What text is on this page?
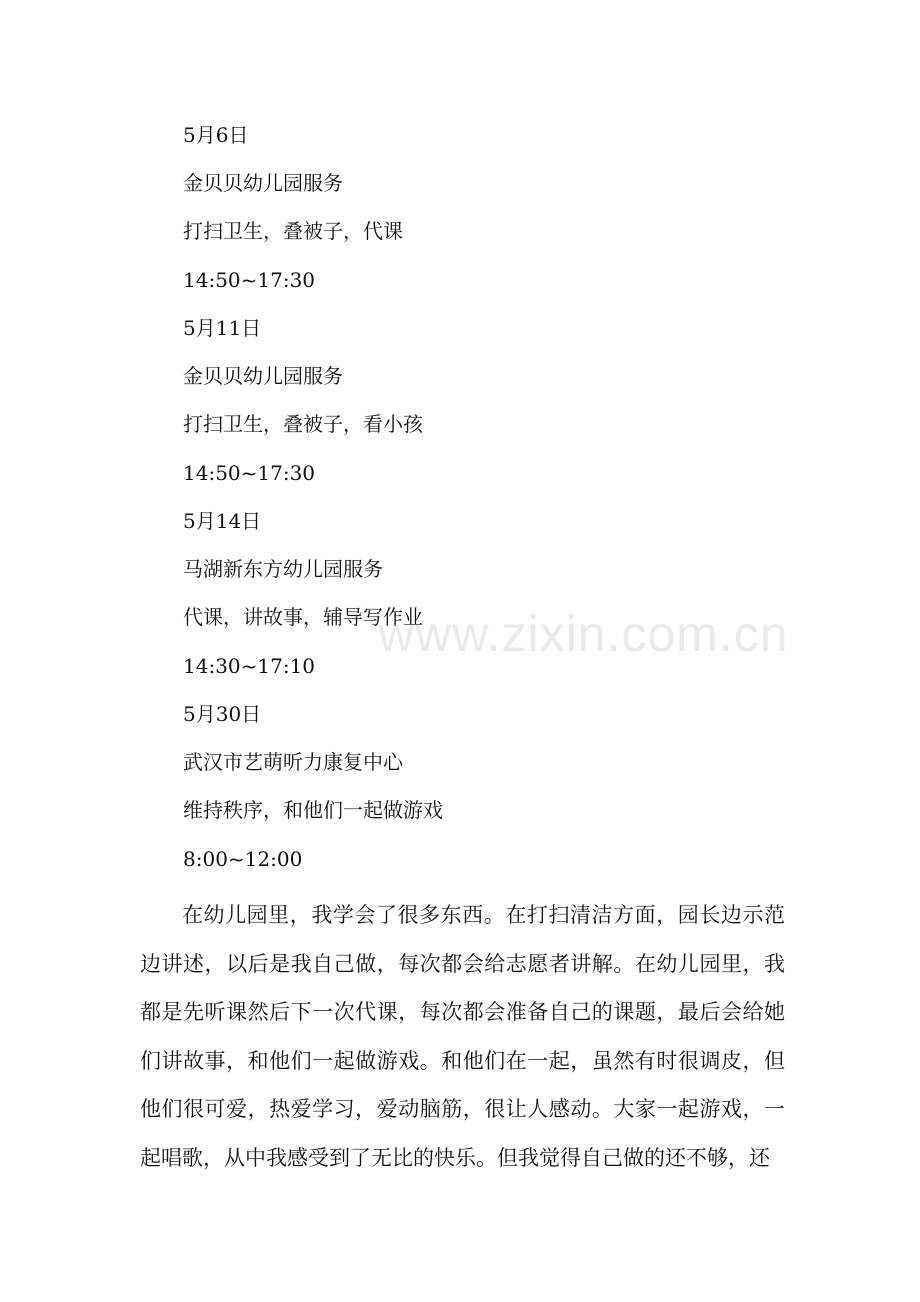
5月6日
金贝贝幼儿园服务
打扫卫生，叠被子，代课
14:50~17:30
5月11日
金贝贝幼儿园服务
打扫卫生，叠被子，看小孩
14:50~17:30
5月14日
马湖新东方幼儿园服务
代课，讲故事，辅导写作业
14:30~17:10
5月30日
武汉市艺萌听力康复中心
维持秩序，和他们一起做游戏
8:00~12:00

在幼儿园里，我学会了很多东西。在打扫清洁方面，园长边示范边讲述，以后是我自己做，每次都会给志愿者讲解。在幼儿园里，我都是先听课然后下一次代课，每次都会准备自己的课题，最后会给她们讲故事，和他们一起做游戏。和他们在一起，虽然有时很调皮，但他们很可爱，热爱学习，爱动脑筋，很让人感动。大家一起游戏，一起唱歌，从中我感受到了无比的快乐。但我觉得自己做的还不够，还

www.zixin.com.cn
